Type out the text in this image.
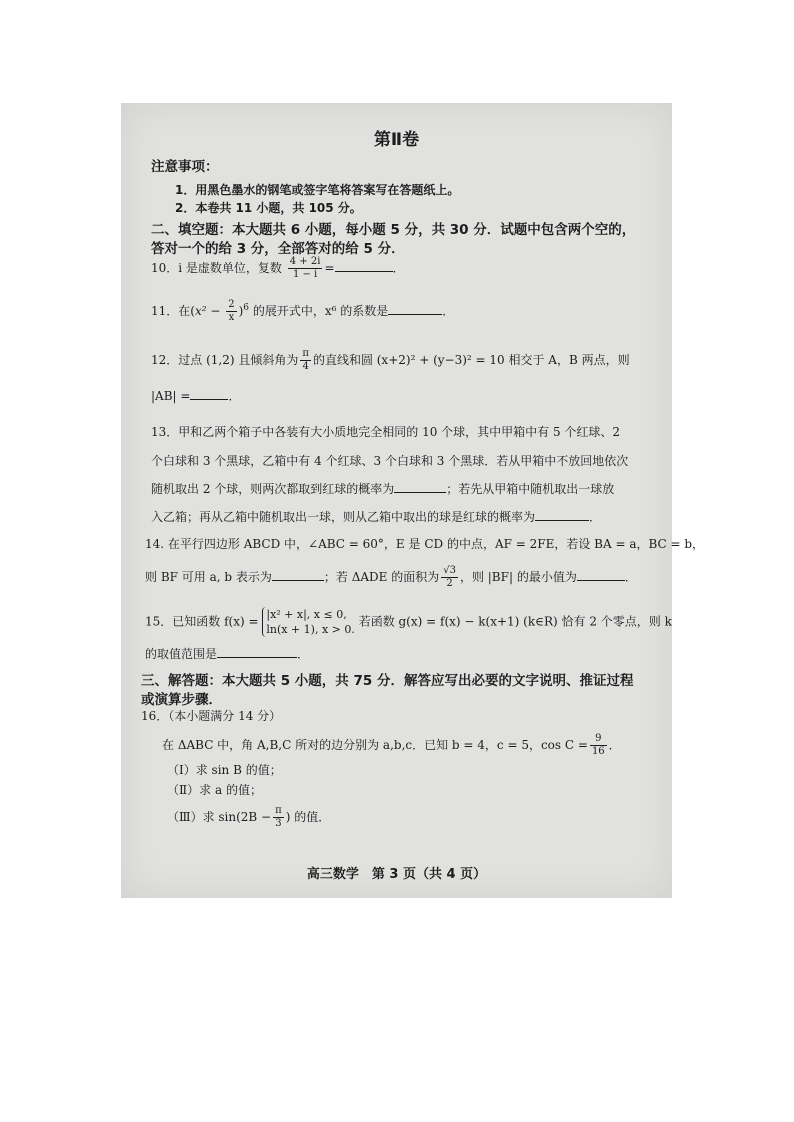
第Ⅱ卷
注意事项：
1．用黑色墨水的钢笔或签字笔将答案写在答题纸上。
2．本卷共 11 小题，共 105 分。
二、填空题：本大题共 6 小题，每小题 5 分，共 30 分．试题中包含两个空的，
答对一个的给 3 分，全部答对的给 5 分．
10．i 是虚数单位，复数 $\frac{4 + 2i}{1 - i}$ =	．
11．在$(x^2 - \frac{2}{x} )^6$ 的展开式中，x⁶ 的系数是	．
12．过点 (1,2) 且倾斜角为 $\frac{\pi}{4}$ 的直线和圆 (x+2)² + (y−3)² = 10 相交于 A，B 两点，则
|AB| =	．
13．甲和乙两个箱子中各装有大小质地完全相同的 10 个球，其中甲箱中有 5 个红球、2
个白球和 3 个黑球，乙箱中有 4 个红球、3 个白球和 3 个黑球．若从甲箱中不放回地依次
随机取出 2 个球，则两次都取到红球的概率为	；若先从甲箱中随机取出一球放
入乙箱；再从乙箱中随机取出一球，则从乙箱中取出的球是红球的概率为	．
14. 在平行四边形 ABCD 中，∠ABC = 60°，E 是 CD 的中点，AF = 2FE，若设 BA = a，BC = b，
则 BF 可用 a, b 表示为	；若 ΔADE 的面积为 $\frac{√3}{2}$ ，则 |BF| 的最小值为	．
15．已知函数 f(x) = |x² + x|, x ≤ 0,
ln(x + 1), x > 0.
若函数 g(x) = f(x) − k(x+1) (k∈R) 恰有 2 个零点，则 k
的取值范围是	．
三、解答题：本大题共 5 小题，共 75 分．解答应写出必要的文字说明、推证过程
或演算步骤．
16．（本小题满分 14 分）
在 ΔABC 中，角 A,B,C 所对的边分别为 a,b,c．已知 b = 4，c = 5，$\cos C = \frac{9}{16}$ ．
（Ⅰ）求 sin B 的值；
（Ⅱ）求 a 的值；
（Ⅲ）求 $\sin(2B - \frac{\pi}{3}$ ) 的值．
高三数学　第 3 页（共 4 页）
